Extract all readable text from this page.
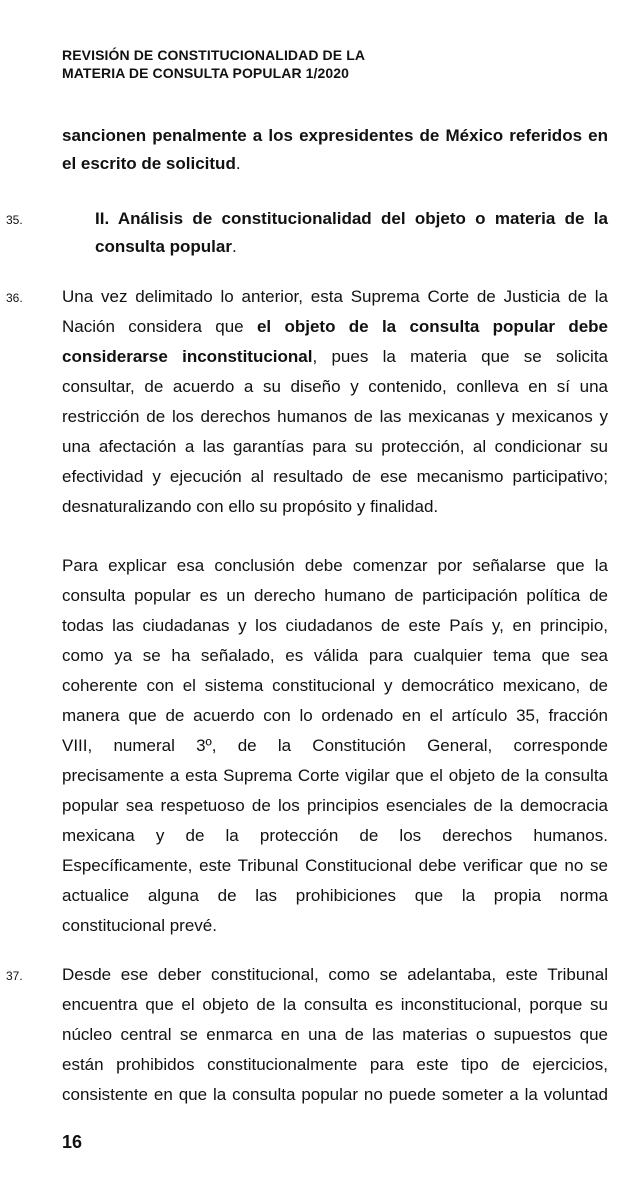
REVISIÓN DE CONSTITUCIONALIDAD DE LA
MATERIA DE CONSULTA POPULAR 1/2020
sancionen penalmente a los expresidentes de México referidos en
el escrito de solicitud.
35.	II. Análisis de constitucionalidad del objeto o materia de la
consulta popular.
36. Una vez delimitado lo anterior, esta Suprema Corte de Justicia de la
Nación considera que el objeto de la consulta popular debe
considerarse inconstitucional, pues la materia que se solicita
consultar, de acuerdo a su diseño y contenido, conlleva en sí una
restricción de los derechos humanos de las mexicanas y mexicanos y
una afectación a las garantías para su protección, al condicionar su
efectividad y ejecución al resultado de ese mecanismo participativo;
desnaturalizando con ello su propósito y finalidad.
Para explicar esa conclusión debe comenzar por señalarse que la
consulta popular es un derecho humano de participación política de
todas las ciudadanas y los ciudadanos de este País y, en principio,
como ya se ha señalado, es válida para cualquier tema que sea
coherente con el sistema constitucional y democrático mexicano, de
manera que de acuerdo con lo ordenado en el artículo 35, fracción
VIII, numeral 3º, de la Constitución General, corresponde
precisamente a esta Suprema Corte vigilar que el objeto de la consulta
popular sea respetuoso de los principios esenciales de la democracia
mexicana y de la protección de los derechos humanos.
Específicamente, este Tribunal Constitucional debe verificar que no se
actualice alguna de las prohibiciones que la propia norma
constitucional prevé.
37. Desde ese deber constitucional, como se adelantaba, este Tribunal
encuentra que el objeto de la consulta es inconstitucional, porque su
núcleo central se enmarca en una de las materias o supuestos que
están prohibidos constitucionalmente para este tipo de ejercicios,
consistente en que la consulta popular no puede someter a la voluntad
16
